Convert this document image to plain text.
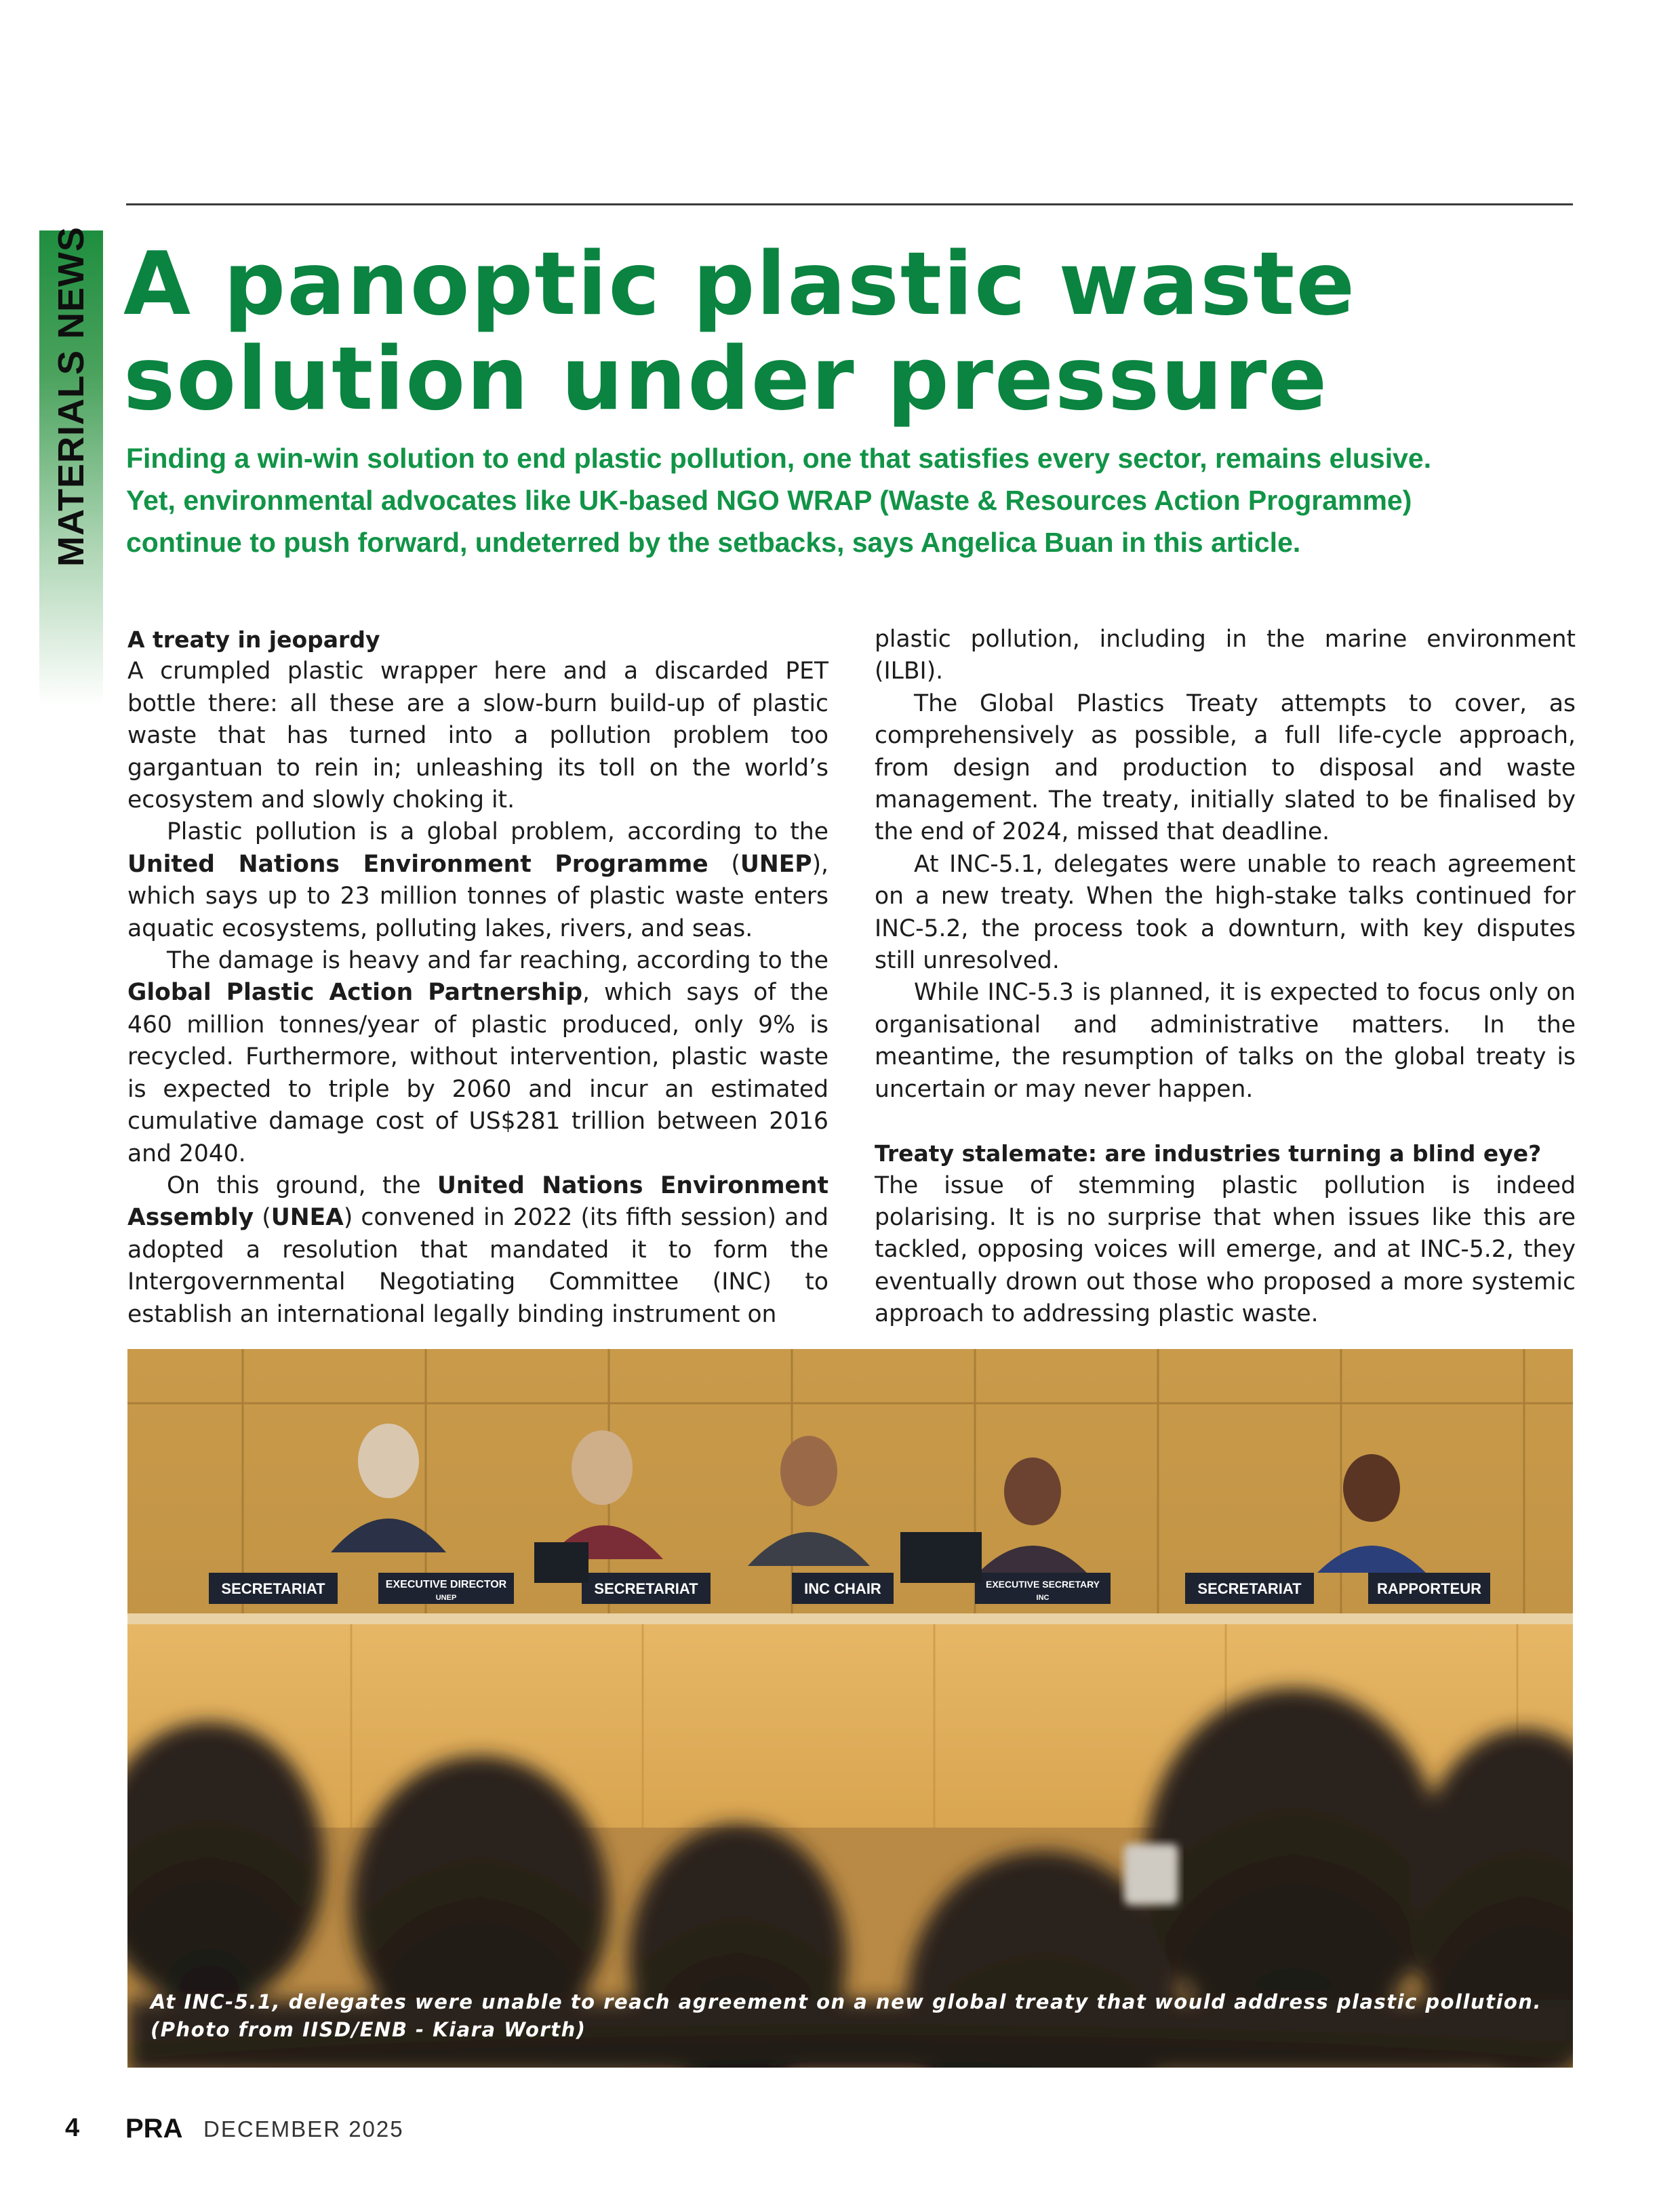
MATERIALS NEWS A panoptic plastic waste
solution under pressure
Finding a win-win solution to end plastic pollution, one that satisfies every sector, remains elusive.
Yet, environmental advocates like UK-based NGO WRAP (Waste & Resources Action Programme)
continue to push forward, undeterred by the setbacks, says Angelica Buan in this article.
A treaty in jeopardy

A crumpled plastic wrapper here and a discarded PET bottle there: all these are a slow-burn build-up of plastic waste that has turned into a pollution problem too gargantuan to rein in; unleashing its toll on the world’s ecosystem and slowly choking it.

Plastic pollution is a global problem, according to the United Nations Environment Programme (UNEP), which says up to 23 million tonnes of plastic waste enters aquatic ecosystems, polluting lakes, rivers, and seas.

The damage is heavy and far reaching, according to the Global Plastic Action Partnership, which says of the 460 million tonnes/year of plastic produced, only 9% is recycled. Furthermore, without intervention, plastic waste is expected to triple by 2060 and incur an estimated cumulative damage cost of US$281 trillion between 2016 and 2040.

On this ground, the United Nations Environment Assembly (UNEA) convened in 2022 (its fifth session) and adopted a resolution that mandated it to form the Intergovernmental Negotiating Committee (INC) to establish an international legally binding instrument on

plastic pollution, including in the marine environment (ILBI).

The Global Plastics Treaty attempts to cover, as comprehensively as possible, a full life-cycle approach, from design and production to disposal and waste management. The treaty, initially slated to be finalised by the end of 2024, missed that deadline.

At INC-5.1, delegates were unable to reach agreement on a new treaty. When the high-stake talks continued for INC-5.2, the process took a downturn, with key disputes still unresolved.

While INC-5.3 is planned, it is expected to focus only on organisational and administrative matters. In the meantime, the resumption of talks on the global treaty is uncertain or may never happen.

Treaty stalemate: are industries turning a blind eye?

The issue of stemming plastic pollution is indeed polarising. It is no surprise that when issues like this are tackled, opposing voices will emerge, and at INC-5.2, they eventually drown out those who proposed a more systemic approach to addressing plastic waste.

SECRETARIAT	EXECUTIVE DIRECTOR
UNEP
SECRETARIAT	INC CHAIR	EXECUTIVE SECRETARY
INC
SECRETARIAT	RAPPORTEUR
At INC-5.1, delegates were unable to reach agreement on a new global treaty that would address plastic pollution.
(Photo from IISD/ENB - Kiara Worth)
4 PRA DECEMBER 2025
